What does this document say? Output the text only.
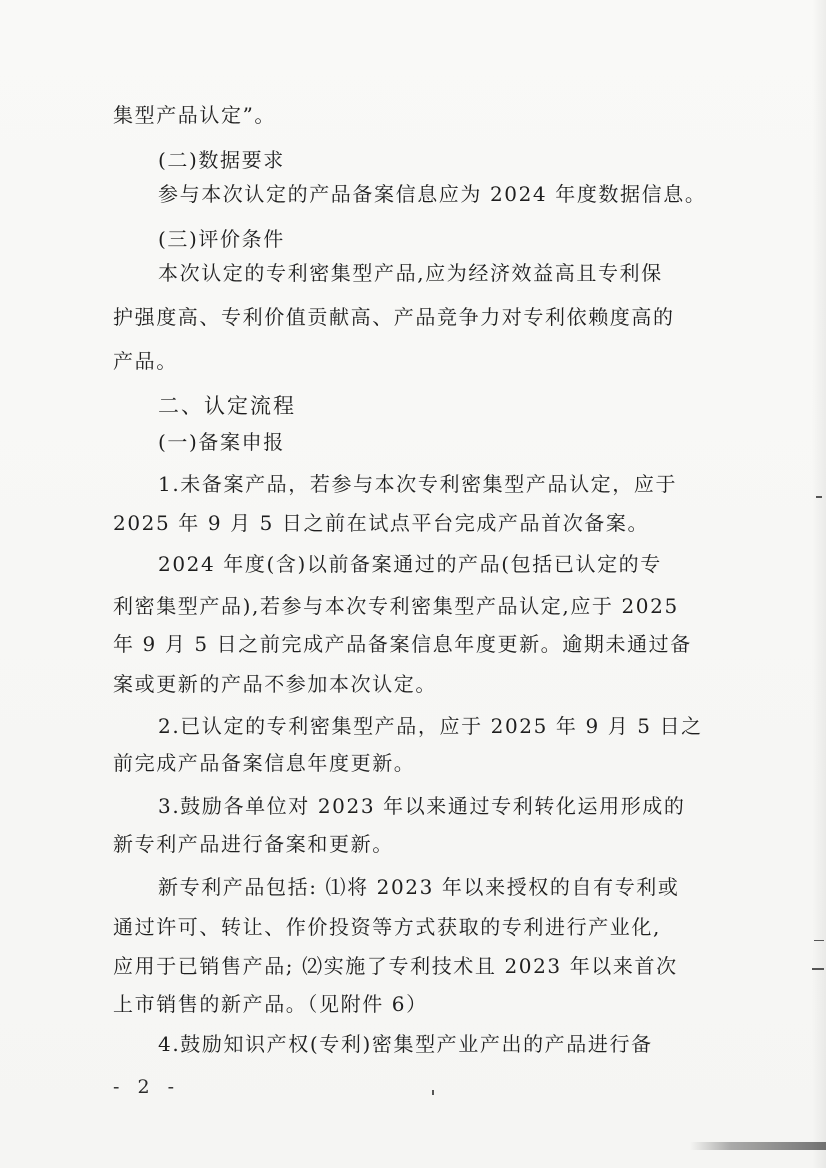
集型产品认定”。
(二)数据要求
参与本次认定的产品备案信息应为 2024 年度数据信息。
(三)评价条件
本次认定的专利密集型产品,应为经济效益高且专利保
护强度高、专利价值贡献高、产品竞争力对专利依赖度高的
产品。
二、认定流程
(一)备案申报
1.未备案产品，若参与本次专利密集型产品认定，应于
2025 年 9 月 5 日之前在试点平台完成产品首次备案。
2024 年度(含)以前备案通过的产品(包括已认定的专
利密集型产品),若参与本次专利密集型产品认定,应于 2025
年 9 月 5 日之前完成产品备案信息年度更新。逾期未通过备
案或更新的产品不参加本次认定。
2.已认定的专利密集型产品，应于 2025 年 9 月 5 日之
前完成产品备案信息年度更新。
3.鼓励各单位对 2023 年以来通过专利转化运用形成的
新专利产品进行备案和更新。
新专利产品包括: ⑴将 2023 年以来授权的自有专利或
通过许可、转让、作价投资等方式获取的专利进行产业化,
应用于已销售产品; ⑵实施了专利技术且 2023 年以来首次
上市销售的新产品。（见附件 6）
4.鼓励知识产权(专利)密集型产业产出的产品进行备
- 2 -
